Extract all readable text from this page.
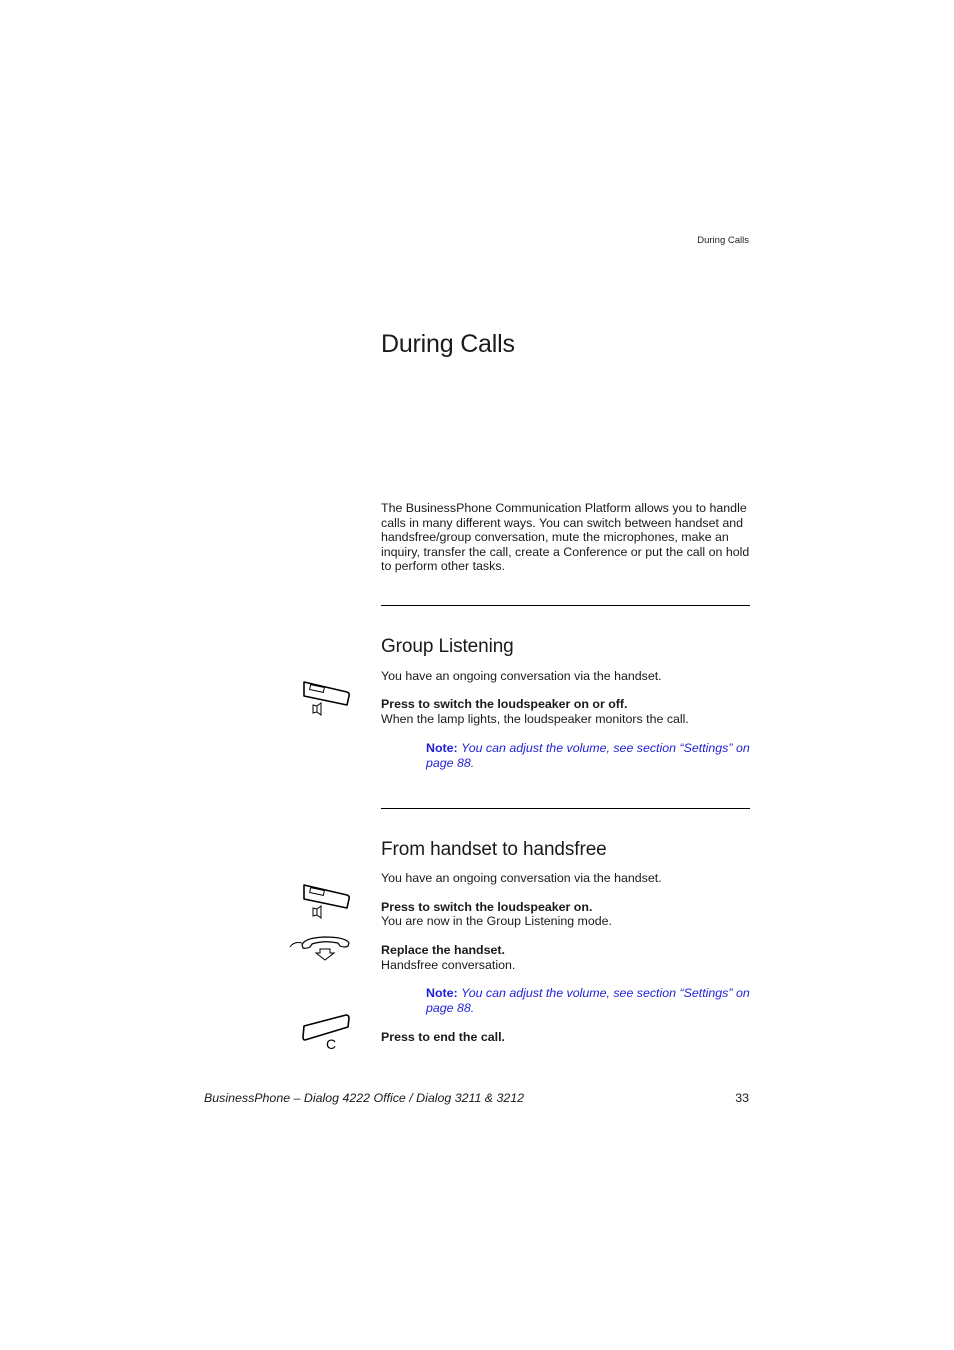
During Calls
During Calls

The BusinessPhone Communication Platform allows you to handle calls in many different ways. You can switch between handset and handsfree/group conversation, mute the microphones, make an inquiry, transfer the call, create a Conference or put the call on hold to perform other tasks.

Group Listening

You have an ongoing conversation via the handset.

Press to switch the loudspeaker on or off.

When the lamp lights, the loudspeaker monitors the call.

Note: You can adjust the volume, see section “Settings” on page 88.

From handset to handsfree

You have an ongoing conversation via the handset.

Press to switch the loudspeaker on.

You are now in the Group Listening mode.

Replace the handset.

Handsfree conversation.

Note: You can adjust the volume, see section “Settings” on page 88.

C	Press to end the call.

BusinessPhone – Dialog 4222 Office / Dialog 3211 & 3212	33
